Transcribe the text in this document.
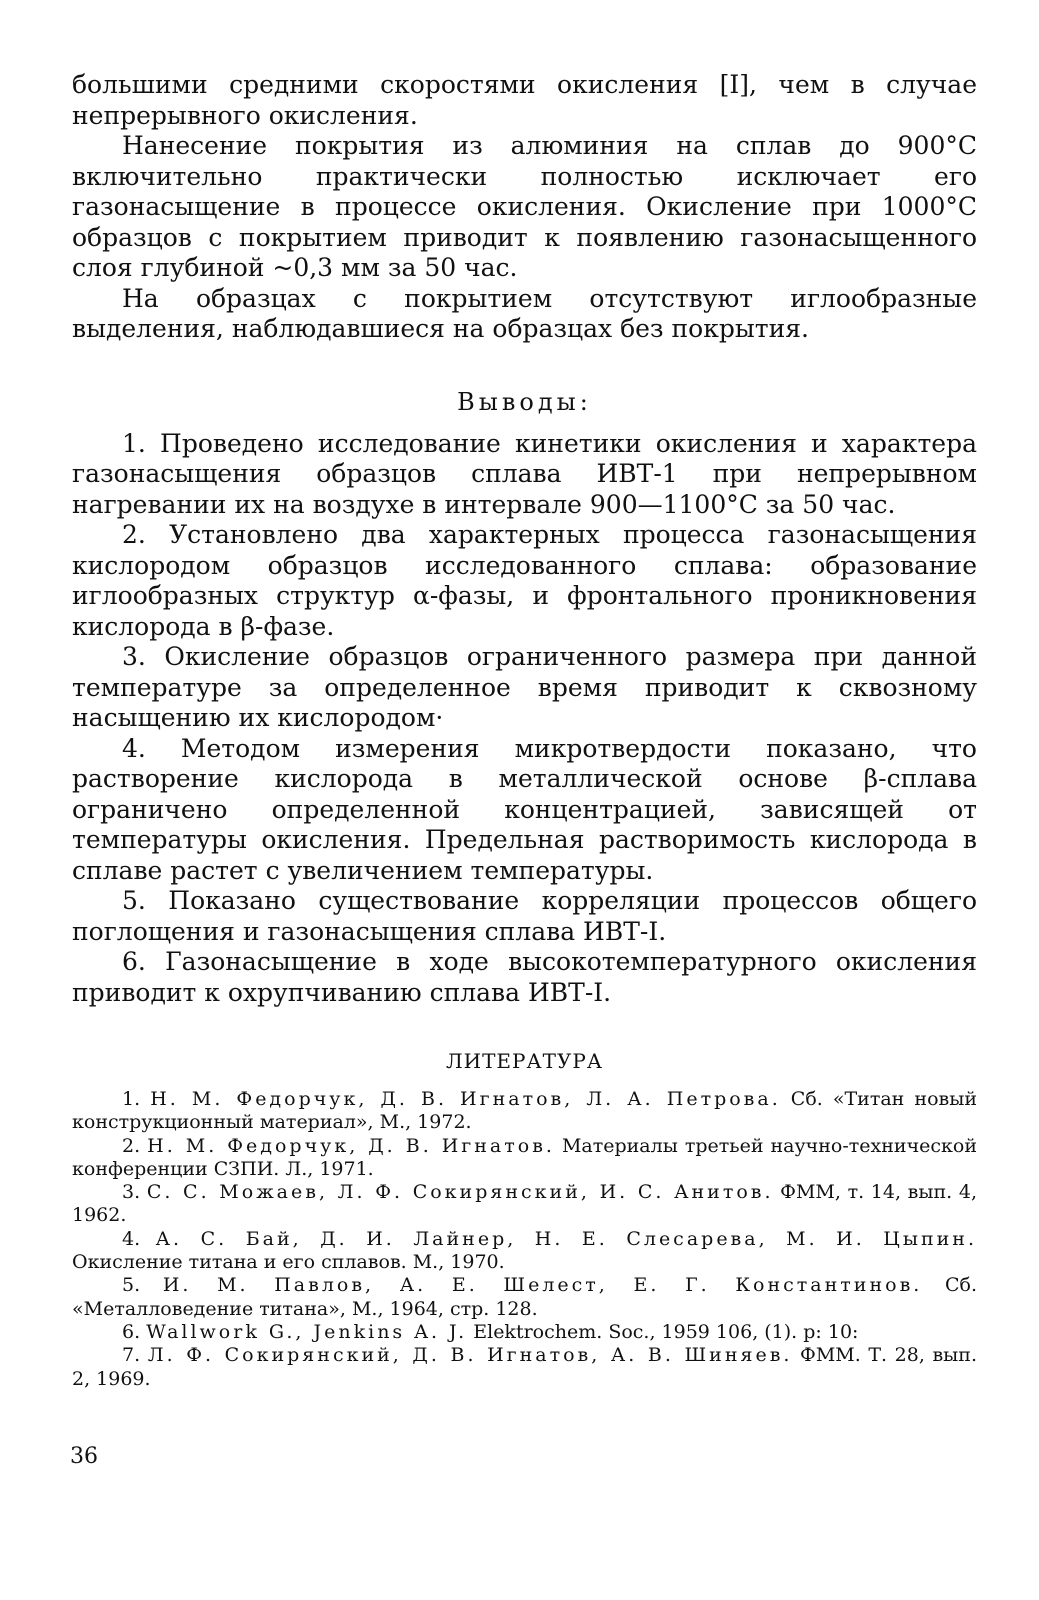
большими средними скоростями окисления [I], чем в случае непрерывного окисления.

Нанесение покрытия из алюминия на сплав до 900°C включительно практически полностью исключает его газонасыщение в процессе окисления. Окисление при 1000°C образцов с покрытием приводит к появлению газонасыщенного слоя глубиной ~0,3 мм за 50 час.

На образцах с покрытием отсутствуют иглообразные выделения, наблюдавшиеся на образцах без покрытия.

Выводы:

1. Проведено исследование кинетики окисления и характера газонасыщения образцов сплава ИВТ-1 при непрерывном нагревании их на воздухе в интервале 900—1100°C за 50 час.

2. Установлено два характерных процесса газонасыщения кислородом образцов исследованного сплава: образование иглообразных структур α-фазы, и фронтального проникновения кислорода в β-фазе.

3. Окисление образцов ограниченного размера при данной температуре за определенное время приводит к сквозному насыщению их кислородом·

4. Методом измерения микротвердости показано, что растворение кислорода в металлической основе β-сплава ограничено определенной концентрацией, зависящей от температуры окисления. Предельная растворимость кислорода в сплаве растет с увеличением температуры.

5. Показано существование корреляции процессов общего поглощения и газонасыщения сплава ИВТ-I.

6. Газонасыщение в ходе высокотемпературного окисления приводит к охрупчиванию сплава ИВТ-I.

ЛИТЕРАТУРА

1. Н. М. Федорчук, Д. В. Игнатов, Л. А. Петрова. Сб. «Титан новый конструкционный материал», М., 1972.

2. Н. М. Федорчук, Д. В. Игнатов. Материалы третьей научно-технической конференции СЗПИ. Л., 1971.

3. С. С. Можаев, Л. Ф. Сокирянский, И. С. Анитов. ФММ, т. 14, вып. 4, 1962.

4. А. С. Бай, Д. И. Лайнер, Н. Е. Слесарева, М. И. Цыпин. Окисление титана и его сплавов. М., 1970.

5. И. М. Павлов, А. Е. Шелест, Е. Г. Константинов. Сб. «Металловедение титана», М., 1964, стр. 128.

6. Wallwork G., Jenkins A. J. Elektrochem. Soc., 1959 106, (1). p: 10:

7. Л. Ф. Сокирянский, Д. В. Игнатов, А. В. Шиняев. ФММ. Т. 28, вып. 2, 1969.

36
